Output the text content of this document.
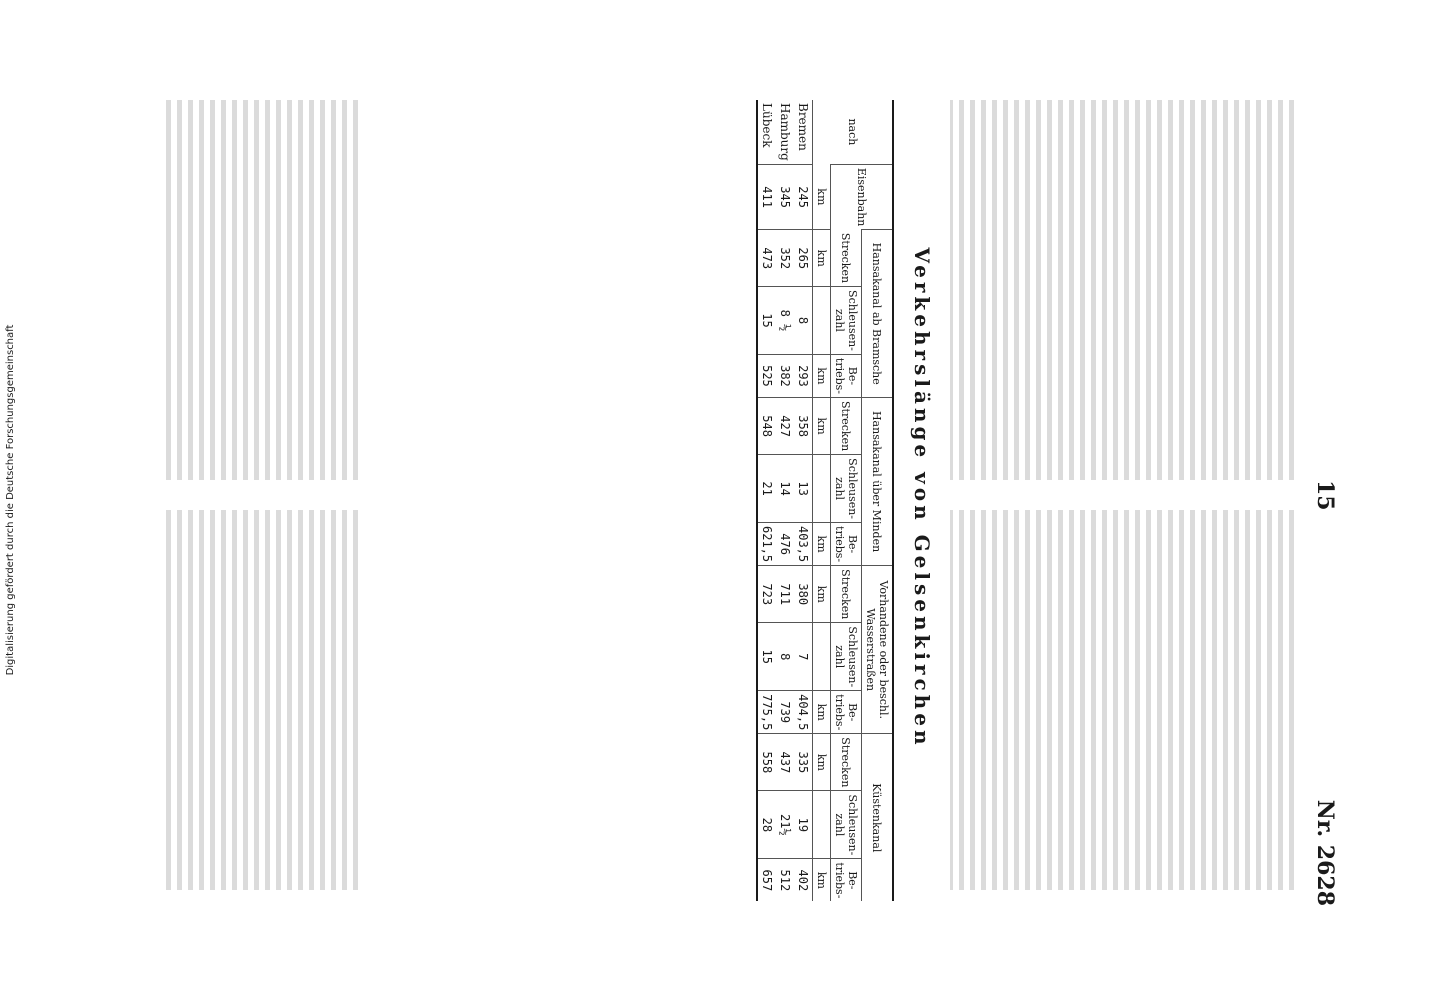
Digitalisierung gefördert durch die Deutsche Forschungsgemeinschaft	15
Nr. 2628
Verkehrslänge von Gelsenkirchen
nach	Eisenbahn	Hansakanal ab Bramsche			Hansakanal über Minden			Vorhandene oder beschl. Wasserstraßen			Küstenkanal		
		Strecken	Schleusen-zahl	Be-triebs-	Strecken	Schleusen-zahl	Be-triebs-	Strecken	Schleusen-zahl	Be-triebs-	Strecken	Schleusen-zahl	Be-triebs-
	km	km		km	km		km	km		km	km		km
Bremen	245	265	8	293	358	13	403,5	380	7	404,5	335	19	402
Hamburg	345	352	8 ½	382	427	14	476	711	8	739	437	21½	512
Lübeck	411	473	15	525	548	21	621,5	723	15	775,5	558	28	657
